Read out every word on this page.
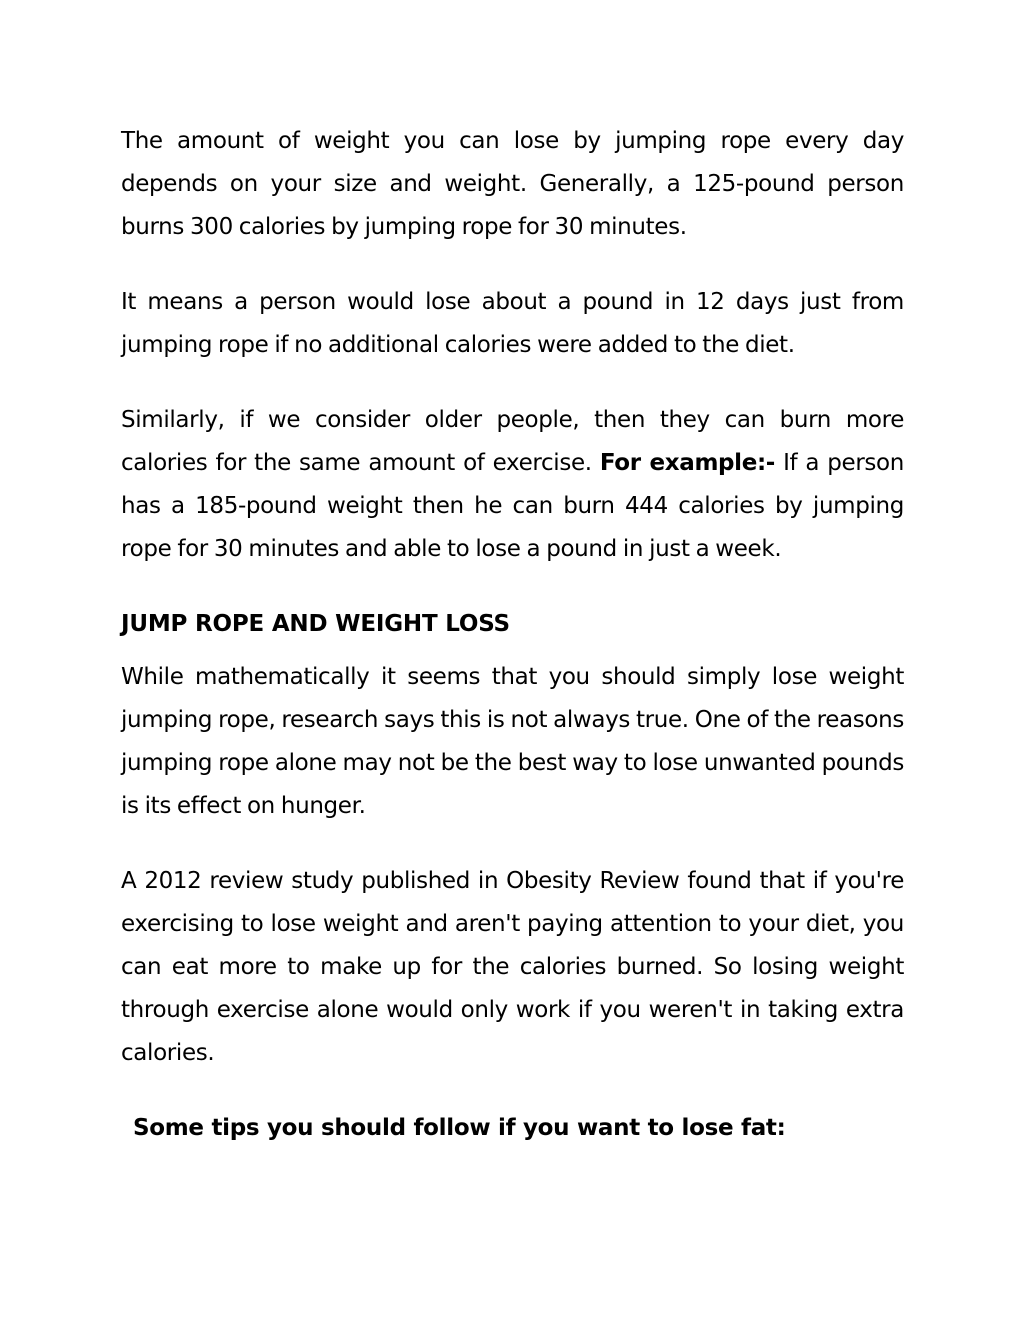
The amount of weight you can lose by jumping rope every day depends on your size and weight. Generally, a 125-pound person burns 300 calories by jumping rope for 30 minutes.

It means a person would lose about a pound in 12 days just from jumping rope if no additional calories were added to the diet.

Similarly, if we consider older people, then they can burn more calories for the same amount of exercise. For example:- If a person has a 185-pound weight then he can burn 444 calories by jumping rope for 30 minutes and able to lose a pound in just a week.

JUMP ROPE AND WEIGHT LOSS

While mathematically it seems that you should simply lose weight jumping rope, research says this is not always true. One of the reasons jumping rope alone may not be the best way to lose unwanted pounds is its effect on hunger.

A 2012 review study published in Obesity Review found that if you're exercising to lose weight and aren't paying attention to your diet, you can eat more to make up for the calories burned. So losing weight through exercise alone would only work if you weren't in taking extra calories.

Some tips you should follow if you want to lose fat:
